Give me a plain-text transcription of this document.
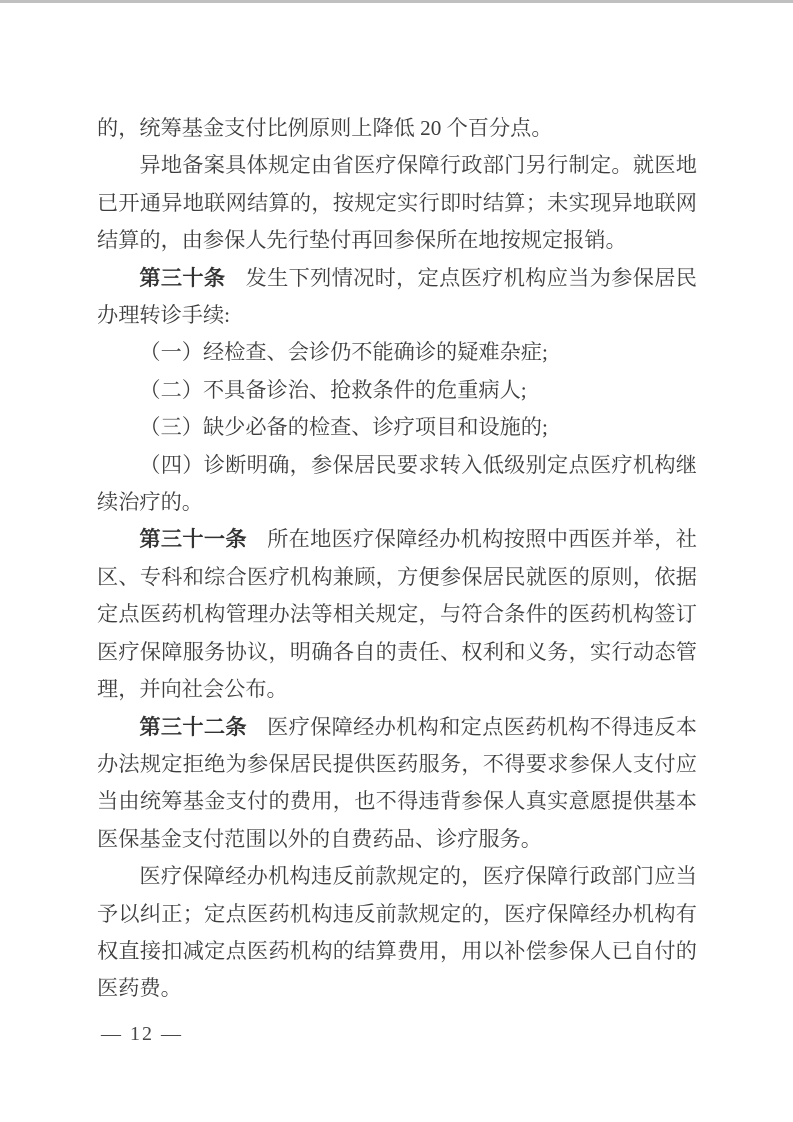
的，统筹基金支付比例原则上降低 20 个百分点。

异地备案具体规定由省医疗保障行政部门另行制定。就医地已开通异地联网结算的，按规定实行即时结算；未实现异地联网结算的，由参保人先行垫付再回参保所在地按规定报销。

第三十条 发生下列情况时，定点医疗机构应当为参保居民办理转诊手续:

（一）经检查、会诊仍不能确诊的疑难杂症;

（二）不具备诊治、抢救条件的危重病人;

（三）缺少必备的检查、诊疗项目和设施的;

（四）诊断明确，参保居民要求转入低级别定点医疗机构继续治疗的。

第三十一条 所在地医疗保障经办机构按照中西医并举，社区、专科和综合医疗机构兼顾，方便参保居民就医的原则，依据定点医药机构管理办法等相关规定，与符合条件的医药机构签订医疗保障服务协议，明确各自的责任、权利和义务，实行动态管理，并向社会公布。

第三十二条 医疗保障经办机构和定点医药机构不得违反本办法规定拒绝为参保居民提供医药服务，不得要求参保人支付应当由统筹基金支付的费用，也不得违背参保人真实意愿提供基本医保基金支付范围以外的自费药品、诊疗服务。

医疗保障经办机构违反前款规定的，医疗保障行政部门应当予以纠正；定点医药机构违反前款规定的，医疗保障经办机构有权直接扣减定点医药机构的结算费用，用以补偿参保人已自付的医药费。

— 12 —
